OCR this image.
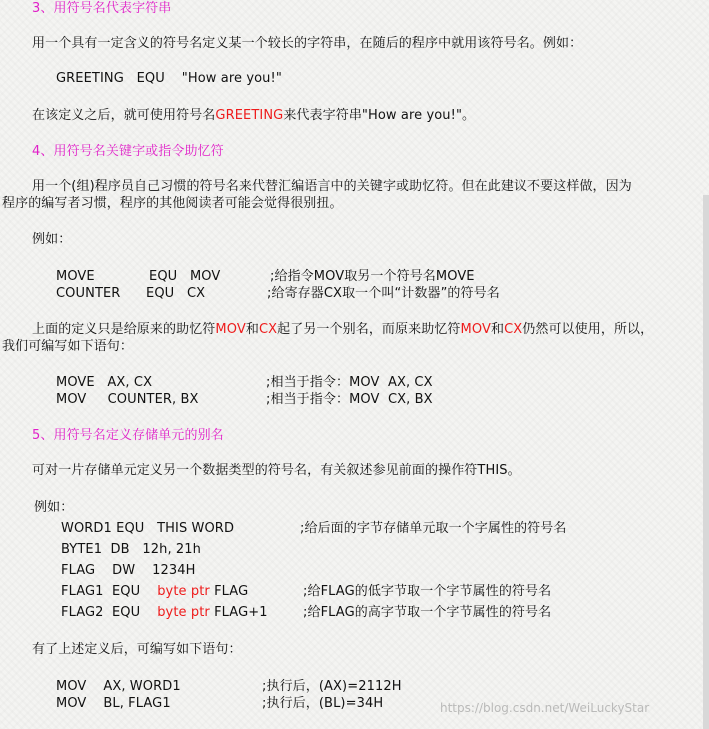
3、用符号名代表字符串
用一个具有一定含义的符号名定义某一个较长的字符串，在随后的程序中就用该符号名。例如：
GREETING   EQU    "How are you!"
在该定义之后，就可使用符号名GREETING来代表字符串"How are you!"。
4、用符号名关键字或指令助忆符
用一个(组)程序员自己习惯的符号名来代替汇编语言中的关键字或助忆符。但在此建议不要这样做，因为
程序的编写者习惯，程序的其他阅读者可能会觉得很别扭。
例如：
MOVE	EQU   MOV	;给指令MOV取另一个符号名MOVE
COUNTER EQU   CX	;给寄存器CX取一个叫“计数器”的符号名
上面的定义只是给原来的助忆符MOV和CX起了另一个别名，而原来助忆符MOV和CX仍然可以使用，所以，
我们可编写如下语句：
MOVE   AX, CX	;相当于指令：MOV  AX, CX
MOV     COUNTER, BX	;相当于指令：MOV  CX, BX
5、用符号名定义存储单元的别名
可对一片存储单元定义另一个数据类型的符号名，有关叙述参见前面的操作符THIS。
例如：
WORD1 EQU   THIS WORD	;给后面的字节存储单元取一个字属性的符号名
BYTE1  DB   12h, 21h
FLAG    DW    1234H
FLAG1  EQU    byte ptr FLAG	;给FLAG的低字节取一个字节属性的符号名
FLAG2  EQU    byte ptr FLAG+1	;给FLAG的高字节取一个字节属性的符号名
有了上述定义后，可编写如下语句：
MOV    AX, WORD1	;执行后，(AX)=2112H
MOV    BL, FLAG1	;执行后，(BL)=34H	https://blog.csdn.net/WeiLuckyStar
